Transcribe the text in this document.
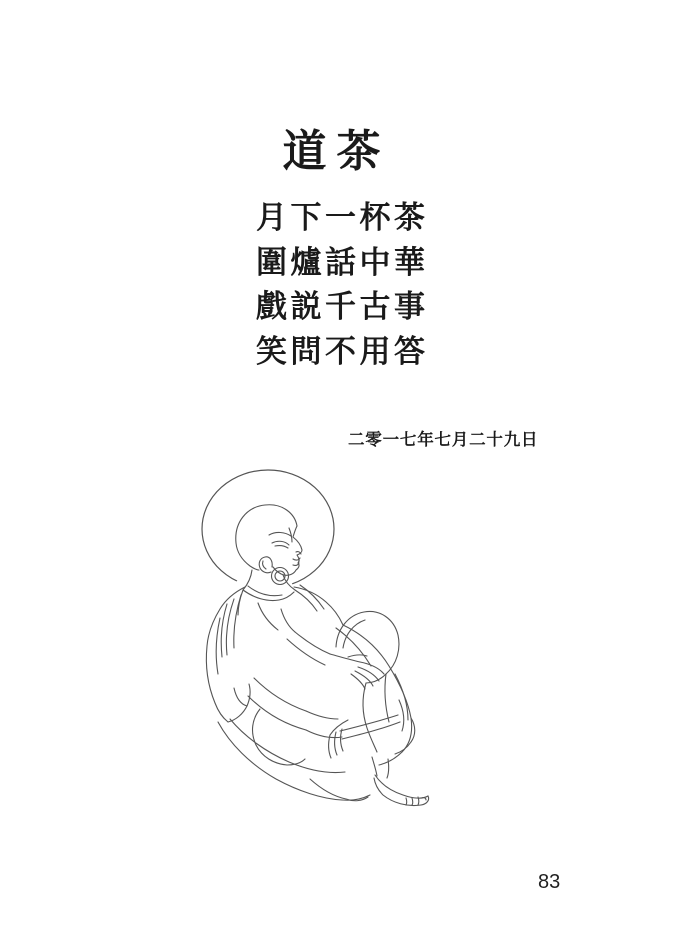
道茶
月下一杯茶
圍爐話中華
戲説千古事
笑問不用答
二零一七年七月二十九日
83
